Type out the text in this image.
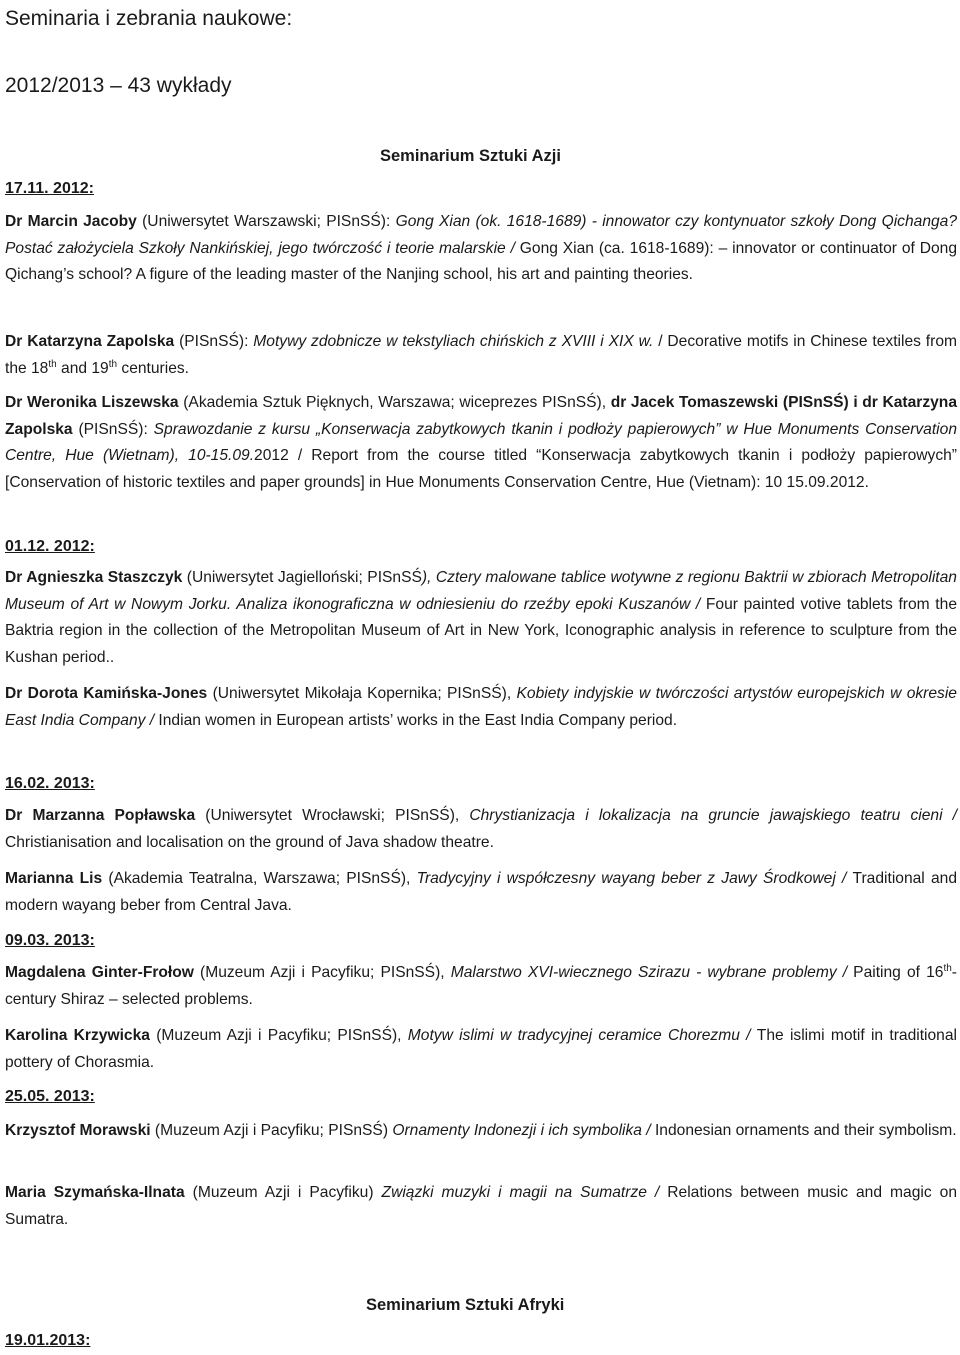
Seminaria i zebrania naukowe:
2012/2013 – 43 wykłady
Seminarium Sztuki Azji
17.11. 2012:

Dr Marcin Jacoby (Uniwersytet Warszawski; PISnSŚ): Gong Xian (ok. 1618-1689) - innowator czy kontynuator szkoły Dong Qichanga? Postać założyciela Szkoły Nankińskiej, jego twórczość i teorie malarskie / Gong Xian (ca. 1618-1689): – innovator or continuator of Dong Qichang’s school? A figure of the leading master of the Nanjing school, his art and painting theories.

Dr Katarzyna Zapolska (PISnSŚ): Motywy zdobnicze w tekstyliach chińskich z XVIII i XIX w. / Decorative motifs in Chinese textiles from the 18th and 19th centuries.

Dr Weronika Liszewska (Akademia Sztuk Pięknych, Warszawa; wiceprezes PISnSŚ), dr Jacek Tomaszewski (PISnSŚ) i dr Katarzyna Zapolska (PISnSŚ): Sprawozdanie z kursu „Konserwacja zabytkowych tkanin i podłoży papierowych” w Hue Monuments Conservation Centre, Hue (Wietnam), 10-15.09.2012 / Report from the course titled “Konserwacja zabytkowych tkanin i podłoży papierowych” [Conservation of historic textiles and paper grounds] in Hue Monuments Conservation Centre, Hue (Vietnam): 10 15.09.2012.

01.12. 2012:

Dr Agnieszka Staszczyk (Uniwersytet Jagielloński; PISnSŚ), Cztery malowane tablice wotywne z regionu Baktrii w zbiorach Metropolitan Museum of Art w Nowym Jorku. Analiza ikonograficzna w odniesieniu do rzeźby epoki Kuszanów / Four painted votive tablets from the Baktria region in the collection of the Metropolitan Museum of Art in New York, Iconographic analysis in reference to sculpture from the Kushan period..

Dr Dorota Kamińska-Jones (Uniwersytet Mikołaja Kopernika; PISnSŚ), Kobiety indyjskie w twórczości artystów europejskich w okresie East India Company / Indian women in European artists’ works in the East India Company period.

16.02. 2013:

Dr Marzanna Popławska (Uniwersytet Wrocławski; PISnSŚ), Chrystianizacja i lokalizacja na gruncie jawajskiego teatru cieni / Christianisation and localisation on the ground of Java shadow theatre.

Marianna Lis (Akademia Teatralna, Warszawa; PISnSŚ), Tradycyjny i współczesny wayang beber z Jawy Środkowej / Traditional and modern wayang beber from Central Java.

09.03. 2013:

Magdalena Ginter-Frołow (Muzeum Azji i Pacyfiku; PISnSŚ), Malarstwo XVI-wiecznego Szirazu - wybrane problemy / Paiting of 16th-century Shiraz – selected problems.

Karolina Krzywicka (Muzeum Azji i Pacyfiku; PISnSŚ), Motyw islimi w tradycyjnej ceramice Chorezmu / The islimi motif in traditional pottery of Chorasmia.

25.05. 2013:

Krzysztof Morawski (Muzeum Azji i Pacyfiku; PISnSŚ) Ornamenty Indonezji i ich symbolika / Indonesian ornaments and their symbolism.

Maria Szymańska-Ilnata (Muzeum Azji i Pacyfiku) Związki muzyki i magii na Sumatrze / Relations between music and magic on Sumatra.

Seminarium Sztuki Afryki
19.01.2013:
